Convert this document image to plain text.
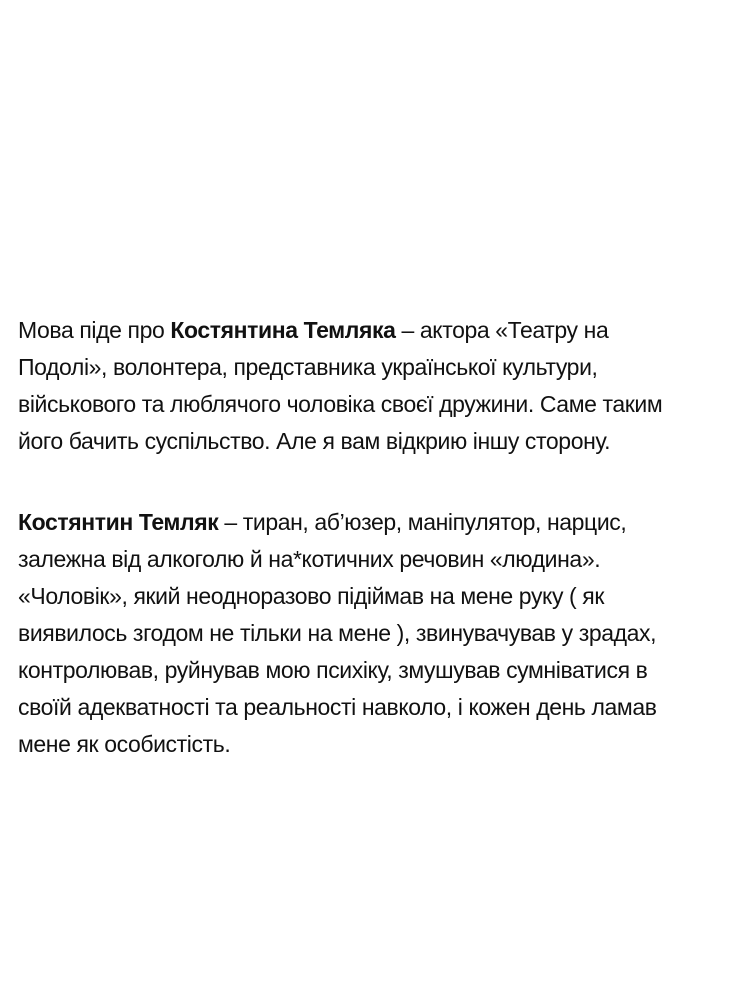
Мова піде про Костянтина Темляка – актора «Театру на
Подолі», волонтера, представника української культури,
військового та люблячого чоловіка своєї дружини. Саме таким
його бачить суспільство. Але я вам відкрию іншу сторону.
Костянтин Темляк – тиран, аб’юзер, маніпулятор, нарцис,
залежна від алкоголю й на*котичних речовин «людина».
«Чоловік», який неодноразово підіймав на мене руку ( як
виявилось згодом не тільки на мене ), звинувачував у зрадах,
контролював, руйнував мою психіку, змушував сумніватися в
своїй адекватності та реальності навколо, і кожен день ламав
мене як особистість.
